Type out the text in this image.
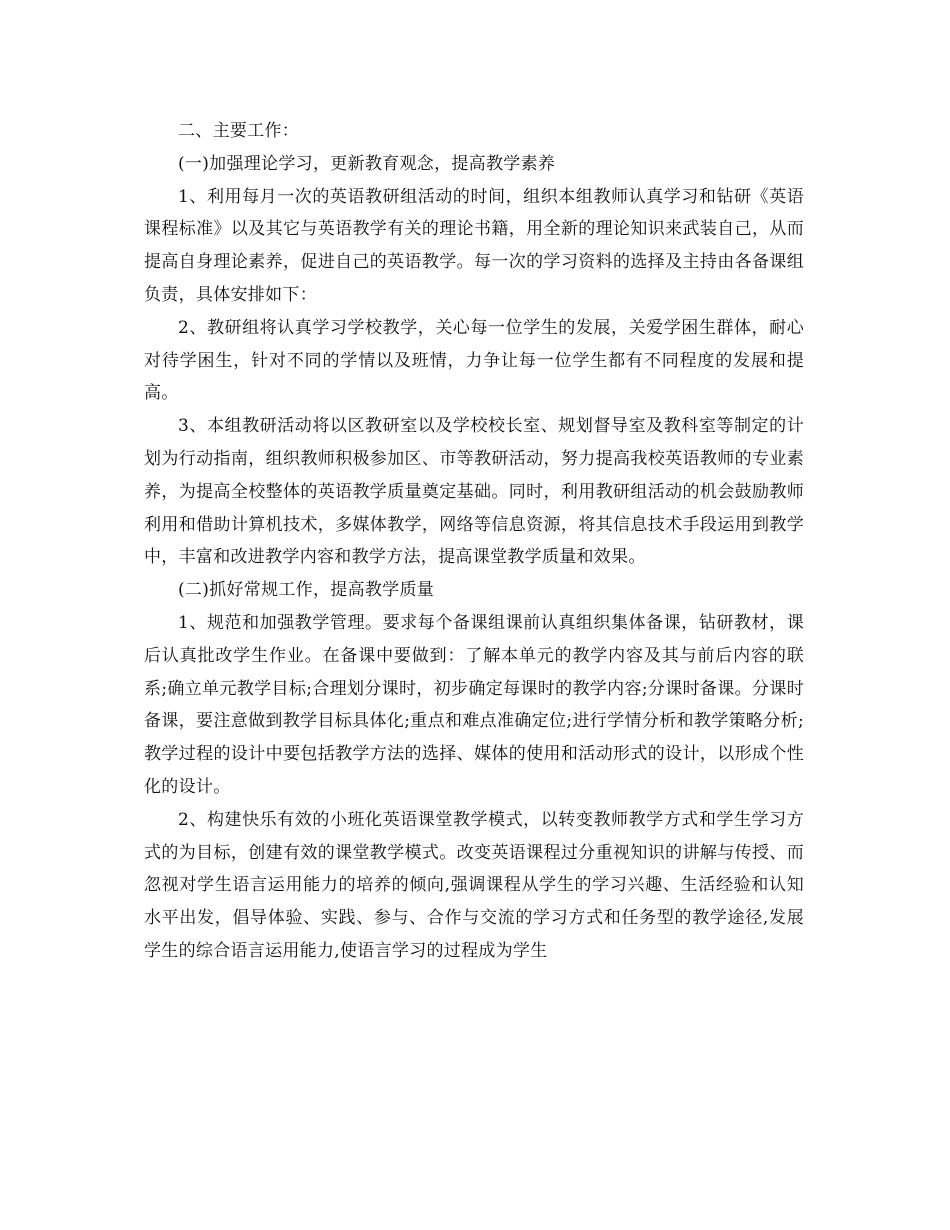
二、主要工作：

(一)加强理论学习，更新教育观念，提高教学素养

1、利用每月一次的英语教研组活动的时间，组织本组教师认真学习和钻研《英语课程标准》以及其它与英语教学有关的理论书籍，用全新的理论知识来武装自己，从而提高自身理论素养，促进自己的英语教学。每一次的学习资料的选择及主持由各备课组负责，具体安排如下：

2、教研组将认真学习学校教学，关心每一位学生的发展，关爱学困生群体，耐心对待学困生，针对不同的学情以及班情，力争让每一位学生都有不同程度的发展和提高。

3、本组教研活动将以区教研室以及学校校长室、规划督导室及教科室等制定的计划为行动指南，组织教师积极参加区、市等教研活动，努力提高我校英语教师的专业素养，为提高全校整体的英语教学质量奠定基础。同时，利用教研组活动的机会鼓励教师利用和借助计算机技术，多媒体教学，网络等信息资源，将其信息技术手段运用到教学中，丰富和改进教学内容和教学方法，提高课堂教学质量和效果。

(二)抓好常规工作，提高教学质量

1、规范和加强教学管理。要求每个备课组课前认真组织集体备课，钻研教材，课后认真批改学生作业。在备课中要做到：了解本单元的教学内容及其与前后内容的联系;确立单元教学目标;合理划分课时，初步确定每课时的教学内容;分课时备课。分课时备课，要注意做到教学目标具体化;重点和难点准确定位;进行学情分析和教学策略分析;教学过程的设计中要包括教学方法的选择、媒体的使用和活动形式的设计，以形成个性化的设计。

2、构建快乐有效的小班化英语课堂教学模式，以转变教师教学方式和学生学习方式的为目标，创建有效的课堂教学模式。改变英语课程过分重视知识的讲解与传授、而忽视对学生语言运用能力的培养的倾向,强调课程从学生的学习兴趣、生活经验和认知水平出发，倡导体验、实践、参与、合作与交流的学习方式和任务型的教学途径,发展学生的综合语言运用能力,使语言学习的过程成为学生
